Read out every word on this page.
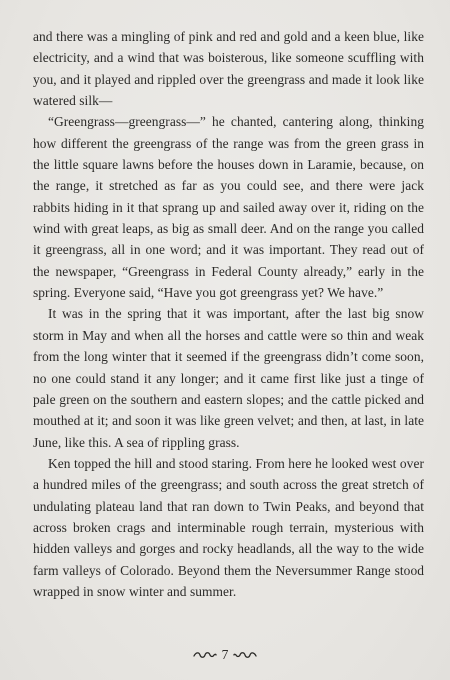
and there was a mingling of pink and red and gold and a keen blue, like electricity, and a wind that was boisterous, like someone scuffling with you, and it played and rippled over the greengrass and made it look like watered silk—

“Greengrass—greengrass—” he chanted, cantering along, thinking how different the greengrass of the range was from the green grass in the little square lawns before the houses down in Laramie, because, on the range, it stretched as far as you could see, and there were jack rabbits hiding in it that sprang up and sailed away over it, riding on the wind with great leaps, as big as small deer. And on the range you called it greengrass, all in one word; and it was important. They read out of the newspaper, “Greengrass in Federal County already,” early in the spring. Everyone said, “Have you got greengrass yet? We have.”

It was in the spring that it was important, after the last big snow storm in May and when all the horses and cattle were so thin and weak from the long winter that it seemed if the greengrass didn’t come soon, no one could stand it any longer; and it came first like just a tinge of pale green on the southern and eastern slopes; and the cattle picked and mouthed at it; and soon it was like green velvet; and then, at last, in late June, like this. A sea of rippling grass.

Ken topped the hill and stood staring. From here he looked west over a hundred miles of the greengrass; and south across the great stretch of undulating plateau land that ran down to Twin Peaks, and beyond that across broken crags and interminable rough terrain, mysterious with hidden valleys and gorges and rocky headlands, all the way to the wide farm valleys of Colorado. Beyond them the Neversummer Range stood wrapped in snow winter and summer.

7
